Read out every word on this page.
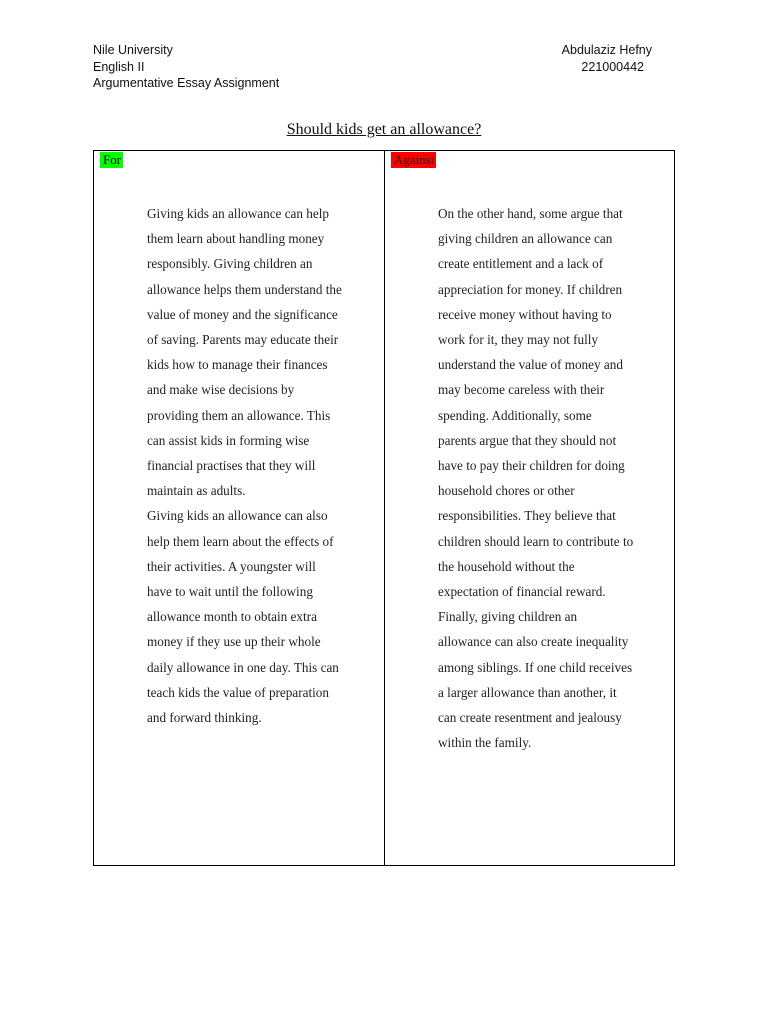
Nile University
English II
Argumentative Essay Assignment
Abdulaziz Hefny
221000442
Should kids get an allowance?
For
Giving kids an allowance can help
them learn about handling money
responsibly. Giving children an
allowance helps them understand the
value of money and the significance
of saving. Parents may educate their
kids how to manage their finances
and make wise decisions by
providing them an allowance. This
can assist kids in forming wise
financial practises that they will
maintain as adults.
Giving kids an allowance can also
help them learn about the effects of
their activities. A youngster will
have to wait until the following
allowance month to obtain extra
money if they use up their whole
daily allowance in one day. This can
teach kids the value of preparation
and forward thinking.
Against
On the other hand, some argue that
giving children an allowance can
create entitlement and a lack of
appreciation for money. If children
receive money without having to
work for it, they may not fully
understand the value of money and
may become careless with their
spending. Additionally, some
parents argue that they should not
have to pay their children for doing
household chores or other
responsibilities. They believe that
children should learn to contribute to
the household without the
expectation of financial reward.
Finally, giving children an
allowance can also create inequality
among siblings. If one child receives
a larger allowance than another, it
can create resentment and jealousy
within the family.
